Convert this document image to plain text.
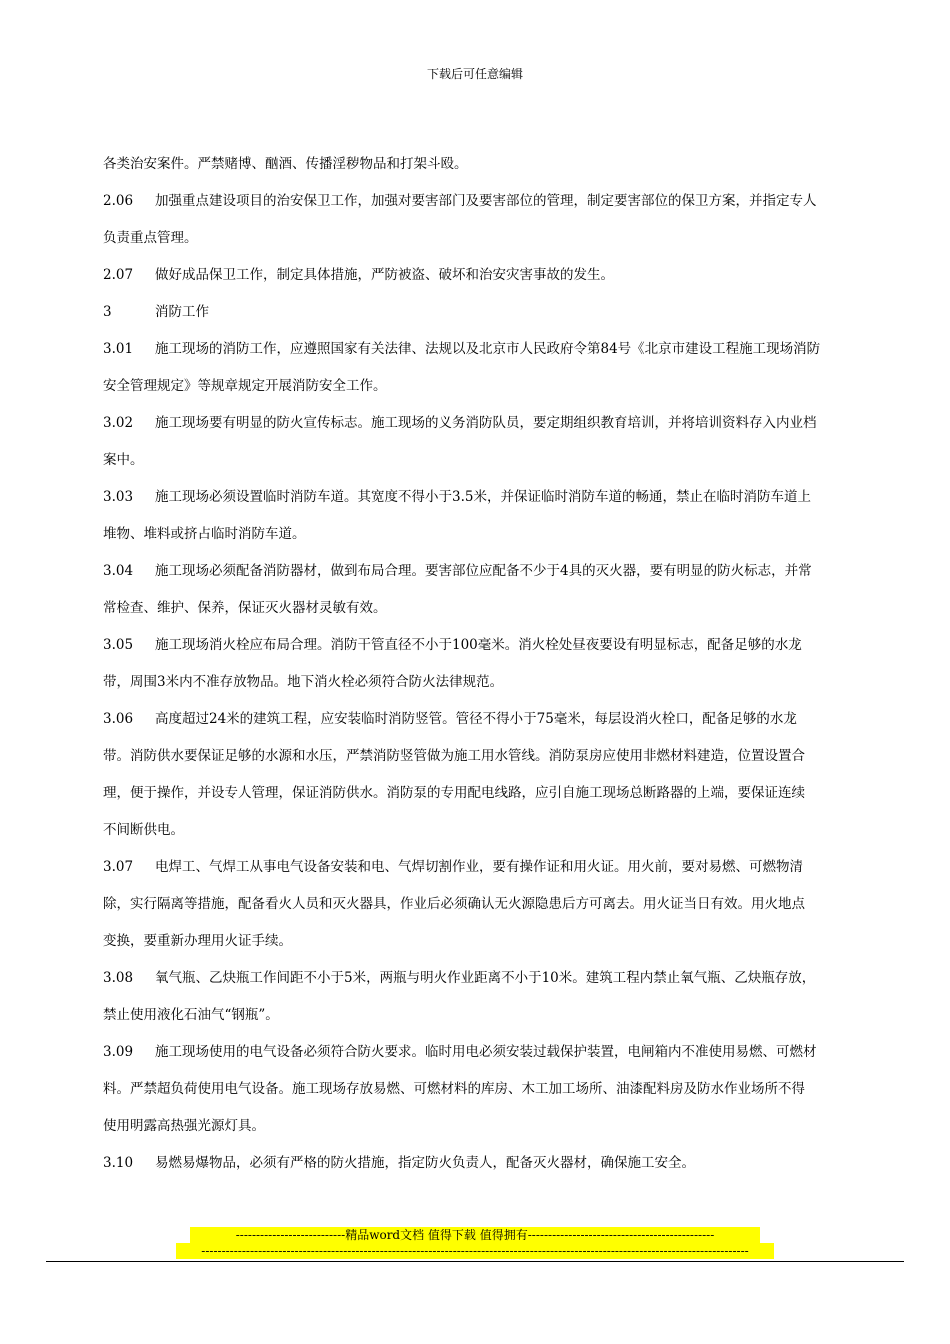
下载后可任意编辑
各类治安案件。严禁赌博、酗酒、传播淫秽物品和打架斗殴。
2.06 加强重点建设项目的治安保卫工作，加强对要害部门及要害部位的管理，制定要害部位的保卫方案，并指定专人
负责重点管理。
2.07 做好成品保卫工作，制定具体措施，严防被盗、破坏和治安灾害事故的发生。
3	消防工作
3.01 施工现场的消防工作，应遵照国家有关法律、法规以及北京市人民政府令第84号《北京市建设工程施工现场消防
安全管理规定》等规章规定开展消防安全工作。
3.02 施工现场要有明显的防火宣传标志。施工现场的义务消防队员，要定期组织教育培训，并将培训资料存入内业档
案中。
3.03 施工现场必须设置临时消防车道。其宽度不得小于3.5米，并保证临时消防车道的畅通，禁止在临时消防车道上
堆物、堆料或挤占临时消防车道。
3.04 施工现场必须配备消防器材，做到布局合理。要害部位应配备不少于4具的灭火器，要有明显的防火标志，并常
常检查、维护、保养，保证灭火器材灵敏有效。
3.05 施工现场消火栓应布局合理。消防干管直径不小于100毫米。消火栓处昼夜要设有明显标志，配备足够的水龙
带，周围3米内不准存放物品。地下消火栓必须符合防火法律规范。
3.06 高度超过24米的建筑工程，应安装临时消防竖管。管径不得小于75毫米，每层设消火栓口，配备足够的水龙
带。消防供水要保证足够的水源和水压，严禁消防竖管做为施工用水管线。消防泵房应使用非燃材料建造，位置设置合
理，便于操作，并设专人管理，保证消防供水。消防泵的专用配电线路，应引自施工现场总断路器的上端，要保证连续
不间断供电。
3.07 电焊工、气焊工从事电气设备安装和电、气焊切割作业，要有操作证和用火证。用火前，要对易燃、可燃物清
除，实行隔离等措施，配备看火人员和灭火器具，作业后必须确认无火源隐患后方可离去。用火证当日有效。用火地点
变换，要重新办理用火证手续。
3.08 氧气瓶、乙炔瓶工作间距不小于5米，两瓶与明火作业距离不小于10米。建筑工程内禁止氧气瓶、乙炔瓶存放，
禁止使用液化石油气“钢瓶”。
3.09 施工现场使用的电气设备必须符合防火要求。临时用电必须安装过载保护装置，电闸箱内不准使用易燃、可燃材
料。严禁超负荷使用电气设备。施工现场存放易燃、可燃材料的库房、木工加工场所、油漆配料房及防水作业场所不得
使用明露高热强光源灯具。
3.10 易燃易爆物品，必须有严格的防火措施，指定防火负责人，配备灭火器材，确保施工安全。
---------------------------精品word文档 值得下载 值得拥有----------------------------------------------
---------------------------------------------------------------------------------------------------------------------------------------
